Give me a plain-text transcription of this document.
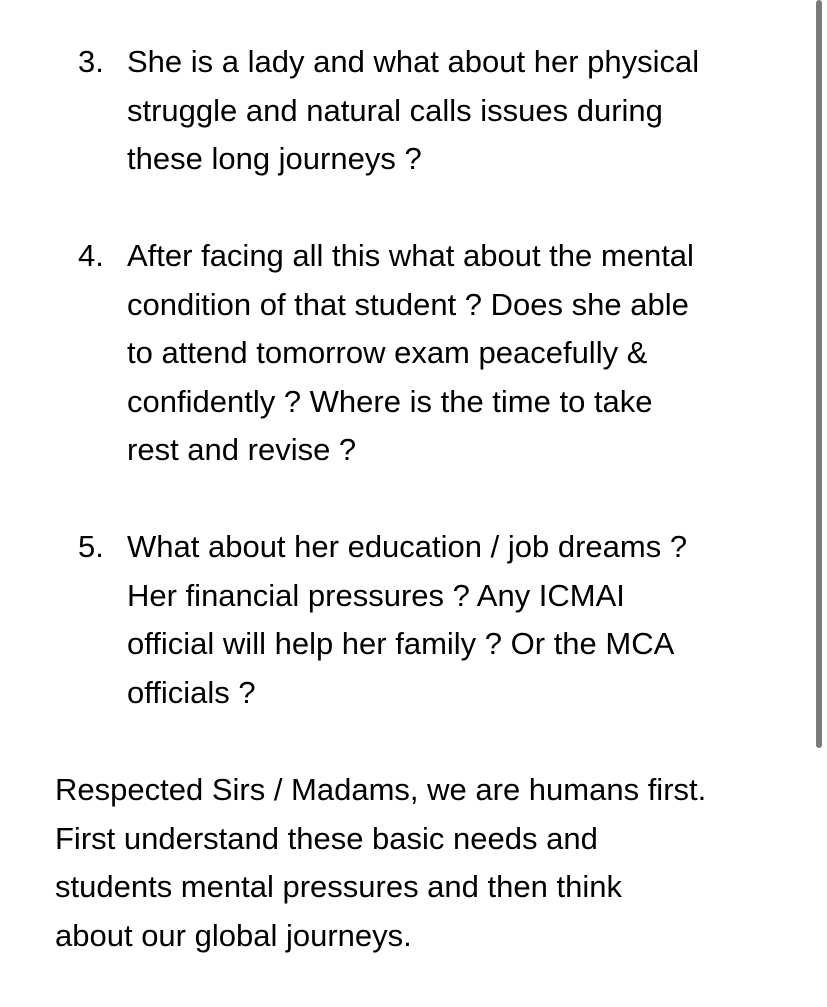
3. She is a lady and what about her physical
struggle and natural calls issues during
these long journeys ?
4. After facing all this what about the mental
condition of that student ? Does she able
to attend tomorrow exam peacefully &
confidently ? Where is the time to take
rest and revise ?
5. What about her education / job dreams ?
Her financial pressures ? Any ICMAI
official will help her family ? Or the MCA
officials ?
Respected Sirs / Madams, we are humans first.
First understand these basic needs and
students mental pressures and then think
about our global journeys.
